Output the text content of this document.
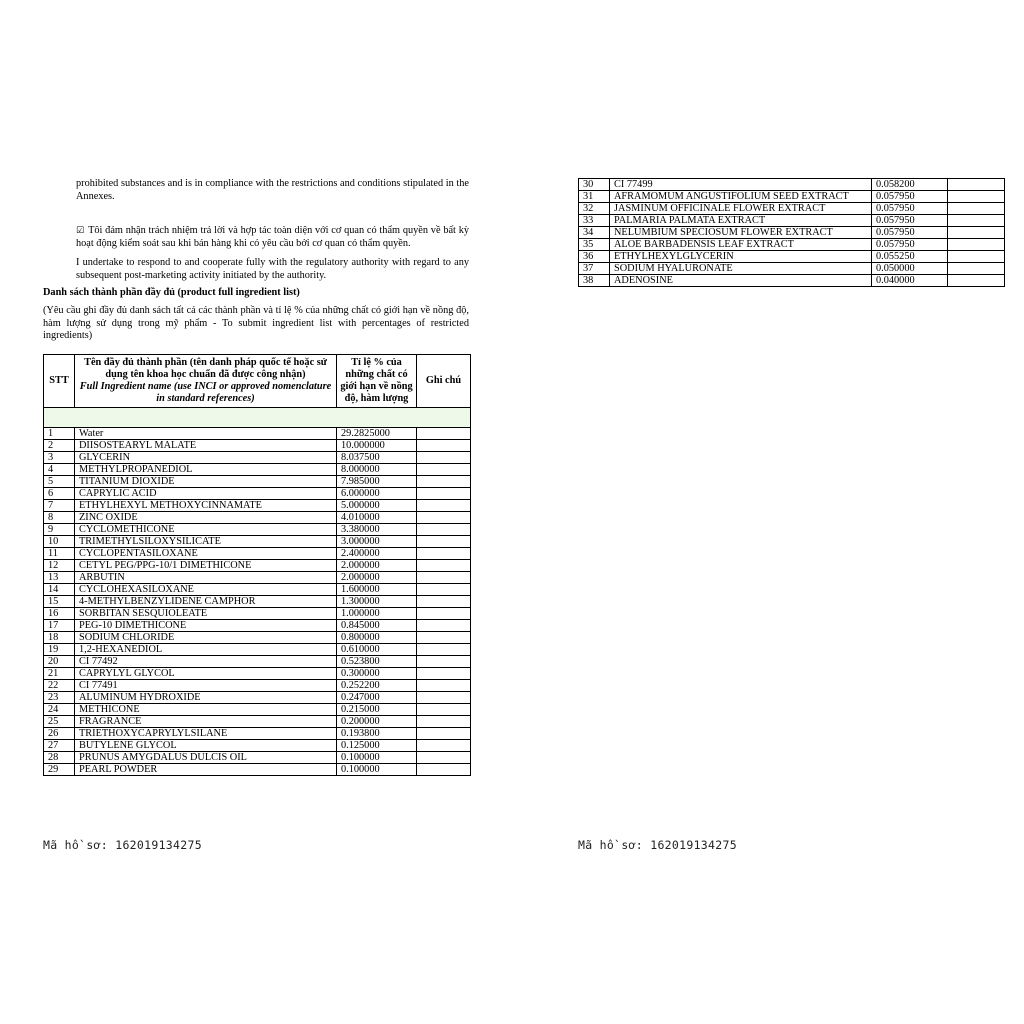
prohibited substances and is in compliance with the restrictions and conditions stipulated in the Annexes.

☑ Tôi đảm nhận trách nhiệm trả lời và hợp tác toàn diện với cơ quan có thẩm quyền về bất kỳ hoạt động kiểm soát sau khi bán hàng khi có yêu cầu bởi cơ quan có thẩm quyền.

I undertake to respond to and cooperate fully with the regulatory authority with regard to any subsequent post-marketing activity initiated by the authority.

Danh sách thành phần đầy đủ (product full ingredient list)

(Yêu cầu ghi đầy đủ danh sách tất cả các thành phần và tỉ lệ % của những chất có giới hạn về nồng độ, hàm lượng sử dụng trong mỹ phẩm - To submit ingredient list with percentages of restricted ingredients)

STT	Tên đầy đủ thành phần (tên danh pháp quốc tế hoặc sử dụng tên khoa học chuẩn đã được công nhận)
Full Ingredient name (use INCI or approved nomenclature in standard references)	Tỉ lệ % của những chất có giới hạn về nồng độ, hàm lượng	Ghi chú

1	Water	29.2825000	
2	DIISOSTEARYL MALATE	10.000000	
3	GLYCERIN	8.037500	
4	METHYLPROPANEDIOL	8.000000	
5	TITANIUM DIOXIDE	7.985000	
6	CAPRYLIC ACID	6.000000	
7	ETHYLHEXYL METHOXYCINNAMATE	5.000000	
8	ZINC OXIDE	4.010000	
9	CYCLOMETHICONE	3.380000	
10	TRIMETHYLSILOXYSILICATE	3.000000	
11	CYCLOPENTASILOXANE	2.400000	
12	CETYL PEG/PPG-10/1 DIMETHICONE	2.000000	
13	ARBUTIN	2.000000	
14	CYCLOHEXASILOXANE	1.600000	
15	4-METHYLBENZYLIDENE CAMPHOR	1.300000	
16	SORBITAN SESQUIOLEATE	1.000000	
17	PEG-10 DIMETHICONE	0.845000	
18	SODIUM CHLORIDE	0.800000	
19	1,2-HEXANEDIOL	0.610000	
20	CI 77492	0.523800	
21	CAPRYLYL GLYCOL	0.300000	
22	CI 77491	0.252200	
23	ALUMINUM HYDROXIDE	0.247000	
24	METHICONE	0.215000	
25	FRAGRANCE	0.200000	
26	TRIETHOXYCAPRYLYLSILANE	0.193800	
27	BUTYLENE GLYCOL	0.125000	
28	PRUNUS AMYGDALUS DULCIS OIL	0.100000	
29	PEARL POWDER	0.100000	
30	CI 77499	0.058200	
31	AFRAMOMUM ANGUSTIFOLIUM SEED EXTRACT	0.057950	
32	JASMINUM OFFICINALE FLOWER EXTRACT	0.057950	
33	PALMARIA PALMATA EXTRACT	0.057950	
34	NELUMBIUM SPECIOSUM FLOWER EXTRACT	0.057950	
35	ALOE BARBADENSIS LEAF EXTRACT	0.057950	
36	ETHYLHEXYLGLYCERIN	0.055250	
37	SODIUM HYALURONATE	0.050000	
38	ADENOSINE	0.040000	
Mã hồ sơ: 162019134275	Mã hồ sơ: 162019134275
